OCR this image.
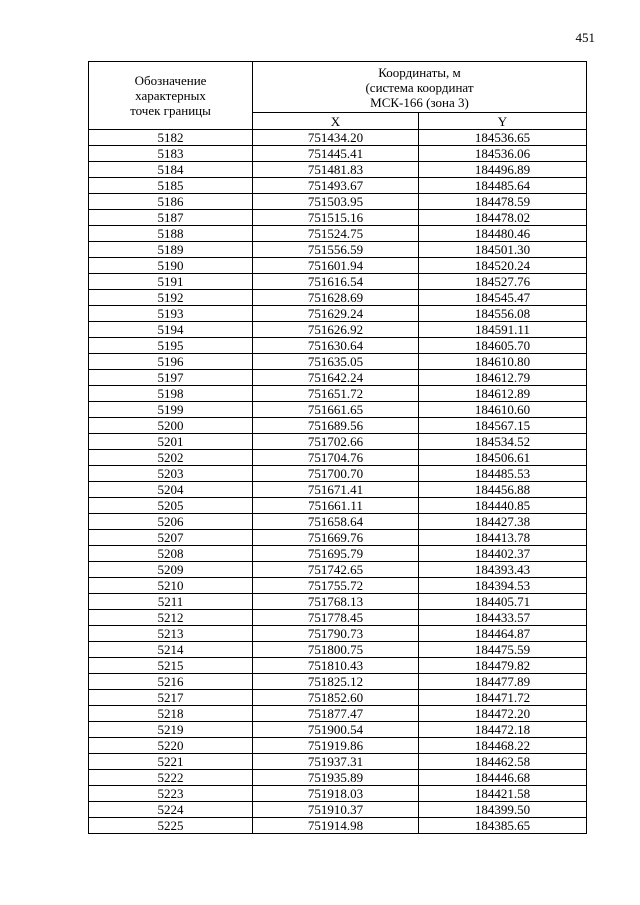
451
Обозначение
характерных
точек границы	Координаты, м
(система координат
МСК-166 (зона 3)	

	X	Y
5182	751434.20	184536.65
5183	751445.41	184536.06
5184	751481.83	184496.89
5185	751493.67	184485.64
5186	751503.95	184478.59
5187	751515.16	184478.02
5188	751524.75	184480.46
5189	751556.59	184501.30
5190	751601.94	184520.24
5191	751616.54	184527.76
5192	751628.69	184545.47
5193	751629.24	184556.08
5194	751626.92	184591.11
5195	751630.64	184605.70
5196	751635.05	184610.80
5197	751642.24	184612.79
5198	751651.72	184612.89
5199	751661.65	184610.60
5200	751689.56	184567.15
5201	751702.66	184534.52
5202	751704.76	184506.61
5203	751700.70	184485.53
5204	751671.41	184456.88
5205	751661.11	184440.85
5206	751658.64	184427.38
5207	751669.76	184413.78
5208	751695.79	184402.37
5209	751742.65	184393.43
5210	751755.72	184394.53
5211	751768.13	184405.71
5212	751778.45	184433.57
5213	751790.73	184464.87
5214	751800.75	184475.59
5215	751810.43	184479.82
5216	751825.12	184477.89
5217	751852.60	184471.72
5218	751877.47	184472.20
5219	751900.54	184472.18
5220	751919.86	184468.22
5221	751937.31	184462.58
5222	751935.89	184446.68
5223	751918.03	184421.58
5224	751910.37	184399.50
5225	751914.98	184385.65
